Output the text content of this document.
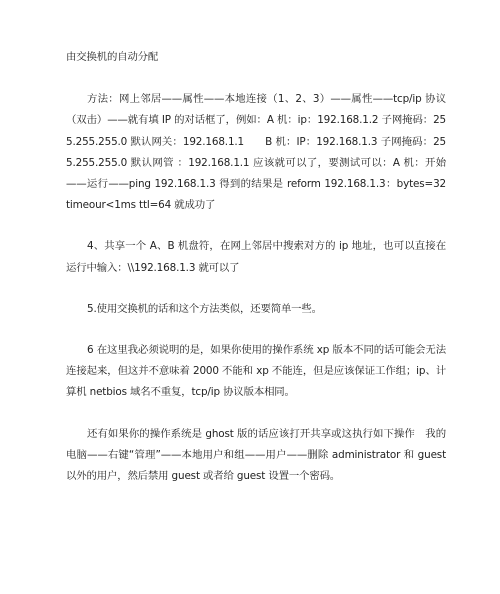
由交换机的自动分配

方法：网上邻居——属性——本地连接（1、2、3）——属性——tcp/ip 协议（双击）——就有填 IP 的对话框了，例如：A 机：ip：192.168.1.2 子网掩码：255.255.255.0 默认网关：192.168.1.1　　B 机：IP：192.168.1.3 子网掩码：255.255.255.0 默认网管 ：192.168.1.1 应该就可以了，要测试可以：A 机：开始——运行——ping 192.168.1.3 得到的结果是 reform 192.168.1.3：bytes=32 timeour<1ms ttl=64 就成功了

4、共享一个 A、B 机盘符，在网上邻居中搜索对方的 ip 地址，也可以直接在运行中输入：\\192.168.1.3 就可以了

5.使用交换机的话和这个方法类似，还要简单一些。

6 在这里我必须说明的是，如果你使用的操作系统 xp 版本不同的话可能会无法连接起来，但这并不意味着 2000 不能和 xp 不能连，但是应该保证工作组；ip、计算机 netbios 域名不重复，tcp/ip 协议版本相同。

还有如果你的操作系统是 ghost 版的话应该打开共享或这执行如下操作　我的电脑——右键“管理”——本地用户和组——用户——删除 administrator 和 guest 以外的用户，然后禁用 guest 或者给 guest 设置一个密码。
